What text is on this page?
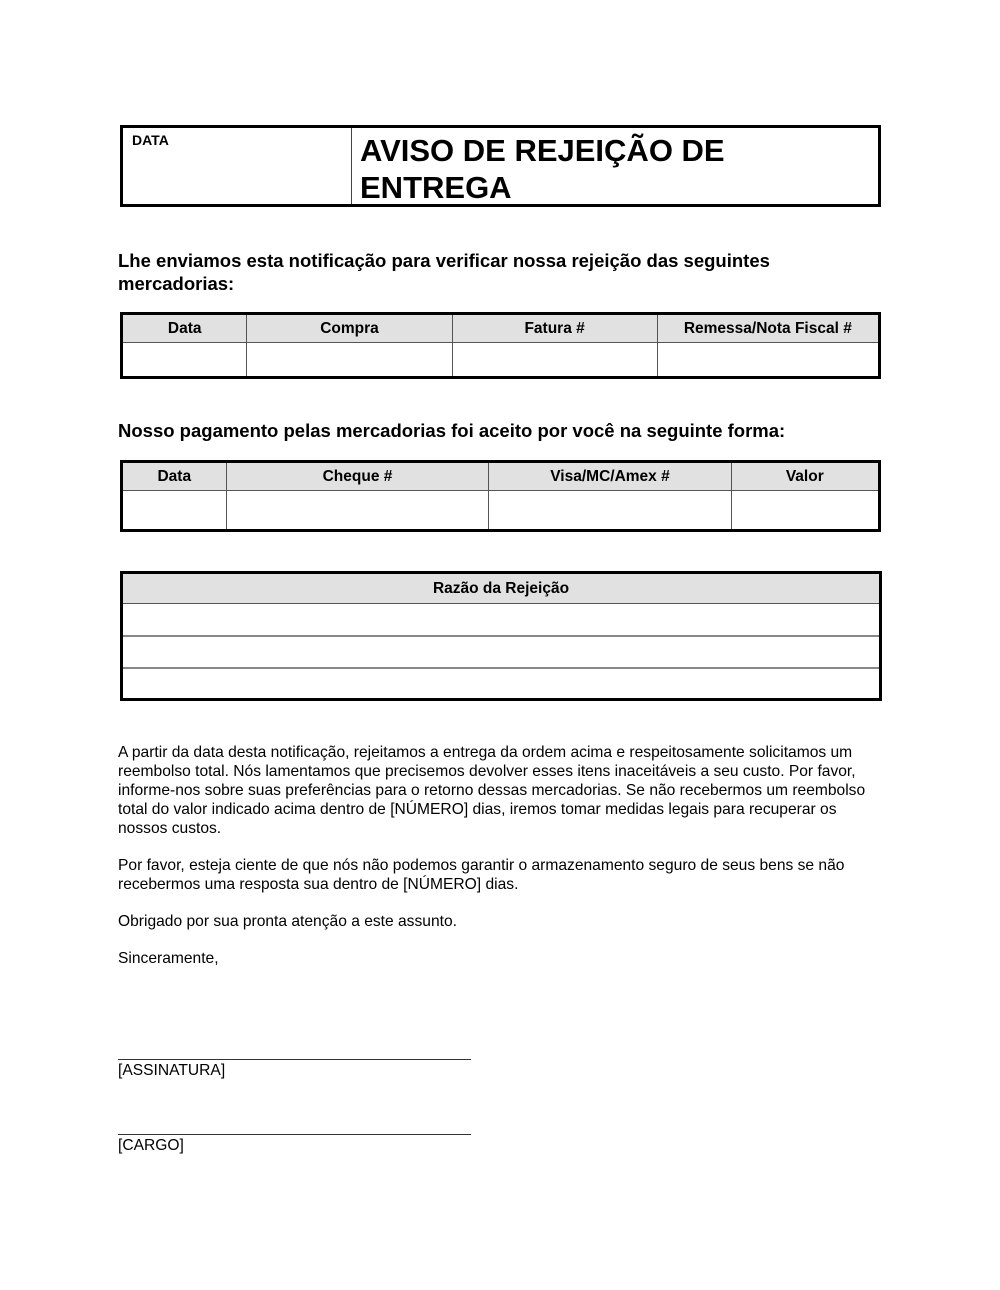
DATA	AVISO DE REJEIÇÃO DE ENTREGA
Lhe enviamos esta notificação para verificar nossa rejeição das seguintes mercadorias:
Data	Compra	Fatura #	Remessa/Nota Fiscal #

Nosso pagamento pelas mercadorias foi aceito por você na seguinte forma:
Data	Cheque #	Visa/MC/Amex #	Valor

Razão da Rejeição

A partir da data desta notificação, rejeitamos a entrega da ordem acima e respeitosamente solicitamos um reembolso total. Nós lamentamos que precisemos devolver esses itens inaceitáveis a seu custo. Por favor, informe-nos sobre suas preferências para o retorno dessas mercadorias. Se não recebermos um reembolso total do valor indicado acima dentro de [NÚMERO] dias, iremos tomar medidas legais para recuperar os nossos custos.
Por favor, esteja ciente de que nós não podemos garantir o armazenamento seguro de seus bens se não recebermos uma resposta sua dentro de [NÚMERO] dias.
Obrigado por sua pronta atenção a este assunto.
Sinceramente,
[ASSINATURA]
[CARGO]
